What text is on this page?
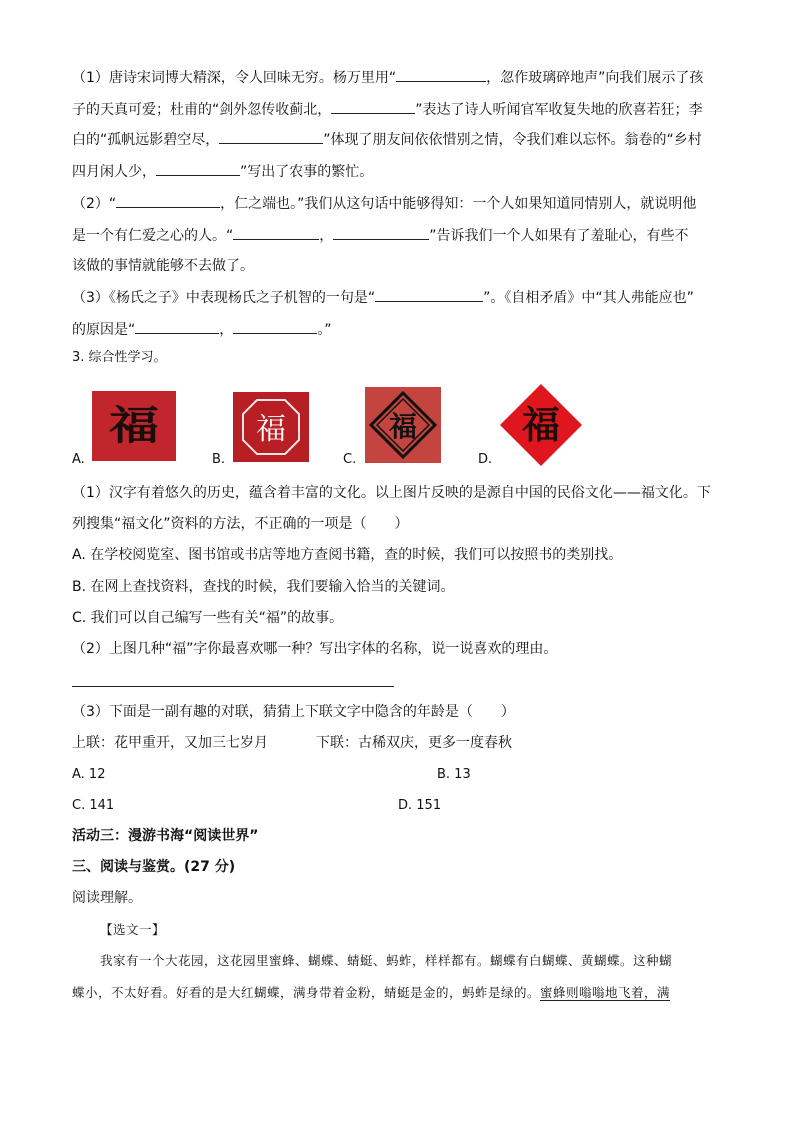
（1）唐诗宋词博大精深，令人回味无穷。杨万里用“	，忽作玻璃碎地声”向我们展示了孩
子的天真可爱；杜甫的“剑外忽传收蓟北，	”表达了诗人听闻官军收复失地的欣喜若狂；李
白的“孤帆远影碧空尽，	”体现了朋友间依依惜别之情，令我们难以忘怀。翁卷的“乡村
四月闲人少，	”写出了农事的繁忙。
（2）“	，仁之端也。”我们从这句话中能够得知：一个人如果知道同情别人，就说明他
是一个有仁爱之心的人。“	，	”告诉我们一个人如果有了羞耻心，有些不
该做的事情就能够不去做了。
（3）《杨氏之子》中表现杨氏之子机智的一句是“	”。《自相矛盾》中“其人弗能应也”
的原因是“	，	。”
3. 综合性学习。
A.
福
B.
福
C.
福
D.
福
（1）汉字有着悠久的历史，蕴含着丰富的文化。以上图片反映的是源自中国的民俗文化——福文化。下
列搜集“福文化”资料的方法，不正确的一项是（　　）
A. 在学校阅览室、图书馆或书店等地方查阅书籍，查的时候，我们可以按照书的类别找。
B. 在网上查找资料，查找的时候，我们要输入恰当的关键词。
C. 我们可以自己编写一些有关“福”的故事。
（2）上图几种“福”字你最喜欢哪一种？写出字体的名称，说一说喜欢的理由。
（3）下面是一副有趣的对联，猜猜上下联文字中隐含的年龄是（　　）
上联：花甲重开，又加三七岁月	下联：古稀双庆，更多一度春秋
A. 12	B. 13
C. 141	D. 151
活动三：漫游书海“阅读世界”
三、阅读与鉴赏。(27 分)
阅读理解。
【选文一】
我家有一个大花园，这花园里蜜蜂、蝴蝶、蜻蜓、蚂蚱，样样都有。蝴蝶有白蝴蝶、黄蝴蝶。这种蝴
蝶小，不太好看。好看的是大红蝴蝶，满身带着金粉，蜻蜓是金的，蚂蚱是绿的。蜜蜂则嗡嗡地飞着，满
